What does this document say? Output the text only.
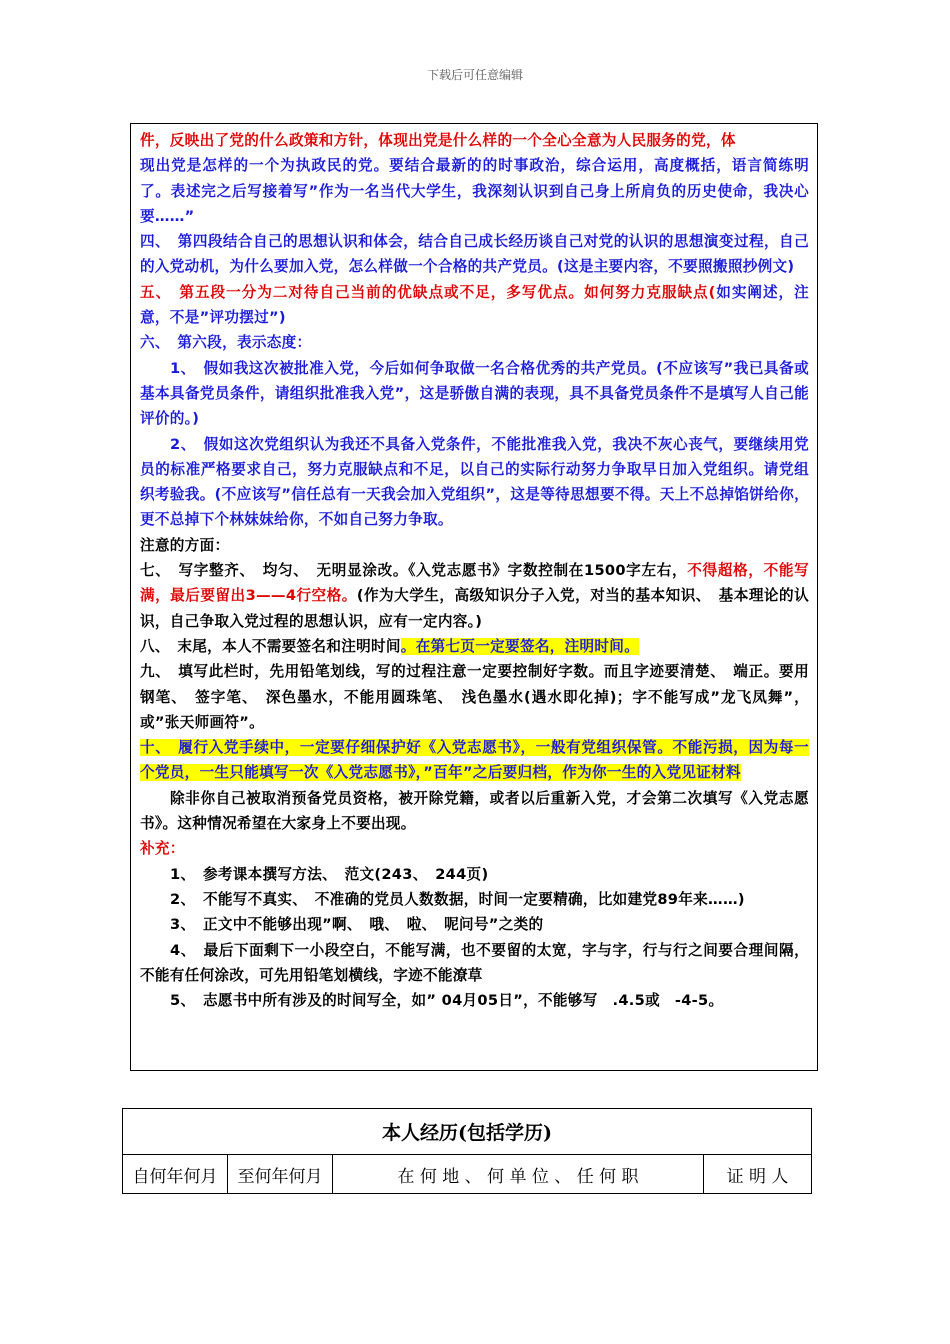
下载后可任意编辑

件，反映出了党的什么政策和方针，体现出党是什么样的一个全心全意为人民服务的党，体

现出党是怎样的一个为执政民的党。要结合最新的的时事政治，综合运用，高度概括，语言简练明了。表述完之后写接着写”作为一名当代大学生，我深刻认识到自己身上所肩负的历史使命，我决心要……”

四、　第四段结合自己的思想认识和体会，结合自己成长经历谈自己对党的认识的思想演变过程，自己的入党动机，为什么要加入党，怎么样做一个合格的共产党员。(这是主要内容，不要照搬照抄例文)

五、　第五段一分为二对待自己当前的优缺点或不足，多写优点。如何努力克服缺点(如实阐述，注意，不是”评功摆过”)

六、　第六段，表示态度：

1、　假如我这次被批准入党，今后如何争取做一名合格优秀的共产党员。(不应该写”我已具备或基本具备党员条件，请组织批准我入党”，这是骄傲自满的表现，具不具备党员条件不是填写人自己能评价的。)

2、　假如这次党组织认为我还不具备入党条件，不能批准我入党，我决不灰心丧气，要继续用党员的标准严格要求自己，努力克服缺点和不足，以自己的实际行动努力争取早日加入党组织。请党组织考验我。(不应该写”信任总有一天我会加入党组织”，这是等待思想要不得。天上不总掉馅饼给你，更不总掉下个林妹妹给你，不如自己努力争取。

注意的方面：

七、　写字整齐、　均匀、　无明显涂改。《入党志愿书》字数控制在1500字左右，不得超格，不能写满，最后要留出3——4行空格。(作为大学生，高级知识分子入党，对当的基本知识、　基本理论的认识，自己争取入党过程的思想认识，应有一定内容。)

八、　末尾，本人不需要签名和注明时间。在第七页一定要签名，注明时间。

九、　填写此栏时，先用铅笔划线，写的过程注意一定要控制好字数。而且字迹要清楚、　端正。要用钢笔、　签字笔、　深色墨水，不能用圆珠笔、　浅色墨水(遇水即化掉)；字不能写成”龙飞凤舞”，或”张天师画符”。

十、　履行入党手续中，一定要仔细保护好《入党志愿书》，一般有党组织保管。不能污损，因为每一个党员，一生只能填写一次《入党志愿书》，”百年”之后要归档，作为你一生的入党见证材料

除非你自己被取消预备党员资格，被开除党籍，或者以后重新入党，才会第二次填写《入党志愿书》。这种情况希望在大家身上不要出现。

补充：

1、　参考课本撰写方法、　范文(243、　244页)

2、　不能写不真实、　不准确的党员人数数据，时间一定要精确，比如建党89年来……)

3、　正文中不能够出现”啊、　哦、　啦、　呢问号”之类的

4、　最后下面剩下一小段空白，不能写满，也不要留的太宽，字与字，行与行之间要合理间隔，不能有任何涂改，可先用铅笔划横线，字迹不能潦草

5、　志愿书中所有涉及的时间写全，如” 04月05日”，不能够写　.4.5或　-4-5。

本人经历(包括学历)
自何年何月	至何年何月	在 何 地 、 何 单 位 、 任 何 职	证 明 人
